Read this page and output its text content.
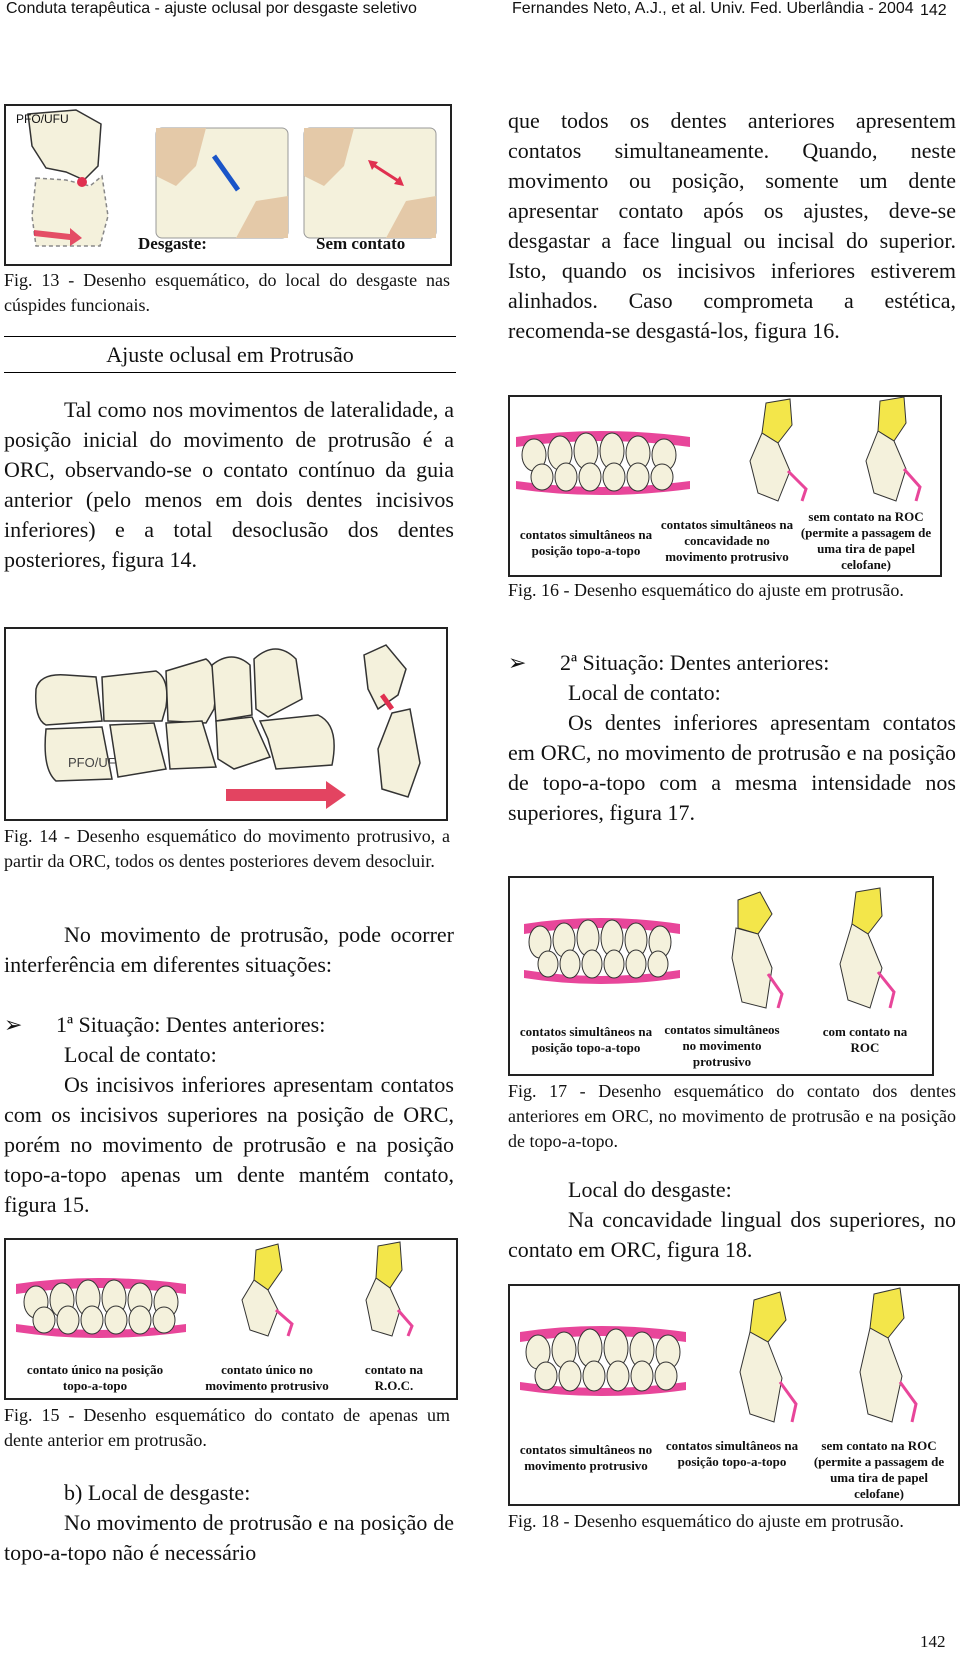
Conduta terapêutica - ajuste oclusal por desgaste seletivo	Fernandes Neto, A.J., et al. Univ. Fed. Uberlândia - 2004 142
PFO/UFU
Desgaste:	Sem contato
Fig. 13 - Desenho esquemático, do local do desgaste nas cúspides funcionais.
Ajuste oclusal em Protrusão
Tal como nos movimentos de lateralidade, a posição inicial do movimento de protrusão é a ORC, observando-se o contato contínuo da guia anterior (pelo menos em dois dentes incisivos inferiores) e a total desoclusão dos dentes posteriores, figura 14.
PFO/UF
Fig. 14 - Desenho esquemático do movimento protrusivo, a partir da ORC, todos os dentes posteriores devem desocluir.
No movimento de protrusão, pode ocorrer interferência em diferentes situações:
➢ 1ª Situação: Dentes anteriores:
Local de contato:
Os incisivos inferiores apresentam contatos com os incisivos superiores na posição de ORC, porém no movimento de protrusão e na posição topo-a-topo apenas um dente mantém contato, figura 15.
contato único na posição topo-a-topo
contato único no movimento protrusivo
contato na R.O.C.
Fig. 15 - Desenho esquemático do contato de apenas um dente anterior em protrusão.
b) Local de desgaste:
No movimento de protrusão e na posição de topo-a-topo não é necessário
que todos os dentes anteriores apresentem contatos simultaneamente. Quando, neste movimento ou posição, somente um dente apresentar contato após os ajustes, deve-se desgastar a face lingual ou incisal do superior. Isto, quando os incisivos inferiores estiverem alinhados. Caso comprometa a estética, recomenda-se desgastá-los, figura 16.
contatos simultâneos na posição topo-a-topo
contatos simultâneos na concavidade no movimento protrusivo
sem contato na ROC (permite a passagem de uma tira de papel celofane)
Fig. 16 - Desenho esquemático do ajuste em protrusão.
➢ 2ª Situação: Dentes anteriores:
Local de contato:
Os dentes inferiores apresentam contatos em ORC, no movimento de protrusão e na posição de topo-a-topo com a mesma intensidade nos superiores, figura 17.
contatos simultâneos na posição topo-a-topo
contatos simultâneos no movimento protrusivo
com contato na ROC
Fig. 17 - Desenho esquemático do contato dos dentes anteriores em ORC, no movimento de protrusão e na posição de topo-a-topo.
Local do desgaste:
Na concavidade lingual dos superiores, no contato em ORC, figura 18.
contatos simultâneos no movimento protrusivo
contatos simultâneos na posição topo-a-topo
sem contato na ROC (permite a passagem de uma tira de papel celofane)
Fig. 18 - Desenho esquemático do ajuste em protrusão.
142
